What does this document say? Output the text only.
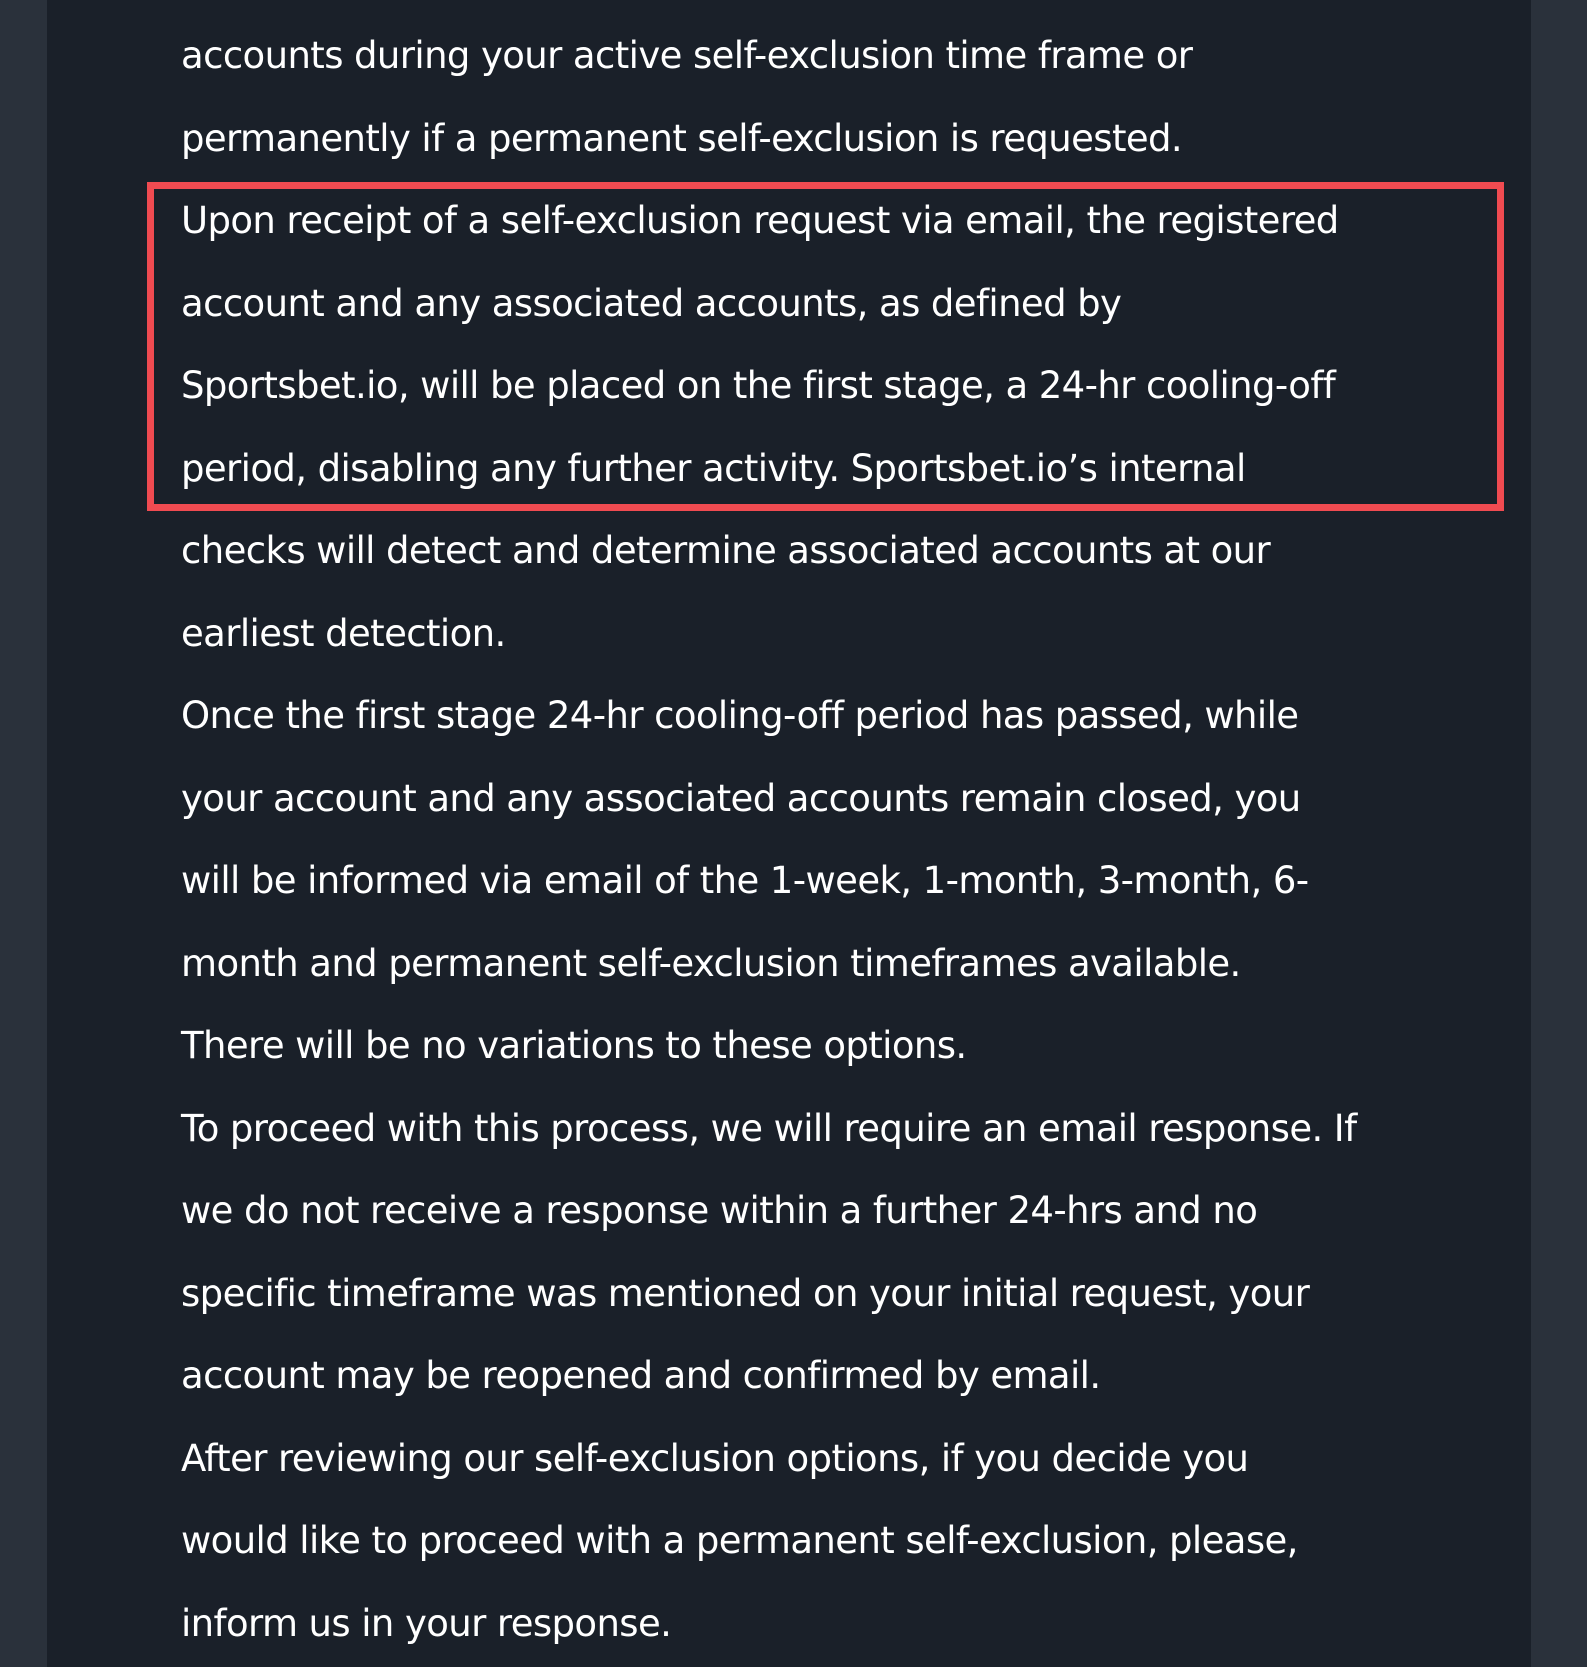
accounts during your active self-exclusion time frame or
permanently if a permanent self-exclusion is requested.
Upon receipt of a self-exclusion request via email, the registered
account and any associated accounts, as defined by
Sportsbet.io, will be placed on the first stage, a 24-hr cooling-off
period, disabling any further activity. Sportsbet.io’s internal
checks will detect and determine associated accounts at our
earliest detection.
Once the first stage 24-hr cooling-off period has passed, while
your account and any associated accounts remain closed, you
will be informed via email of the 1-week, 1-month, 3-month, 6-
month and permanent self-exclusion timeframes available.
There will be no variations to these options.
To proceed with this process, we will require an email response. If
we do not receive a response within a further 24-hrs and no
specific timeframe was mentioned on your initial request, your
account may be reopened and confirmed by email.
After reviewing our self-exclusion options, if you decide you
would like to proceed with a permanent self-exclusion, please,
inform us in your response.
